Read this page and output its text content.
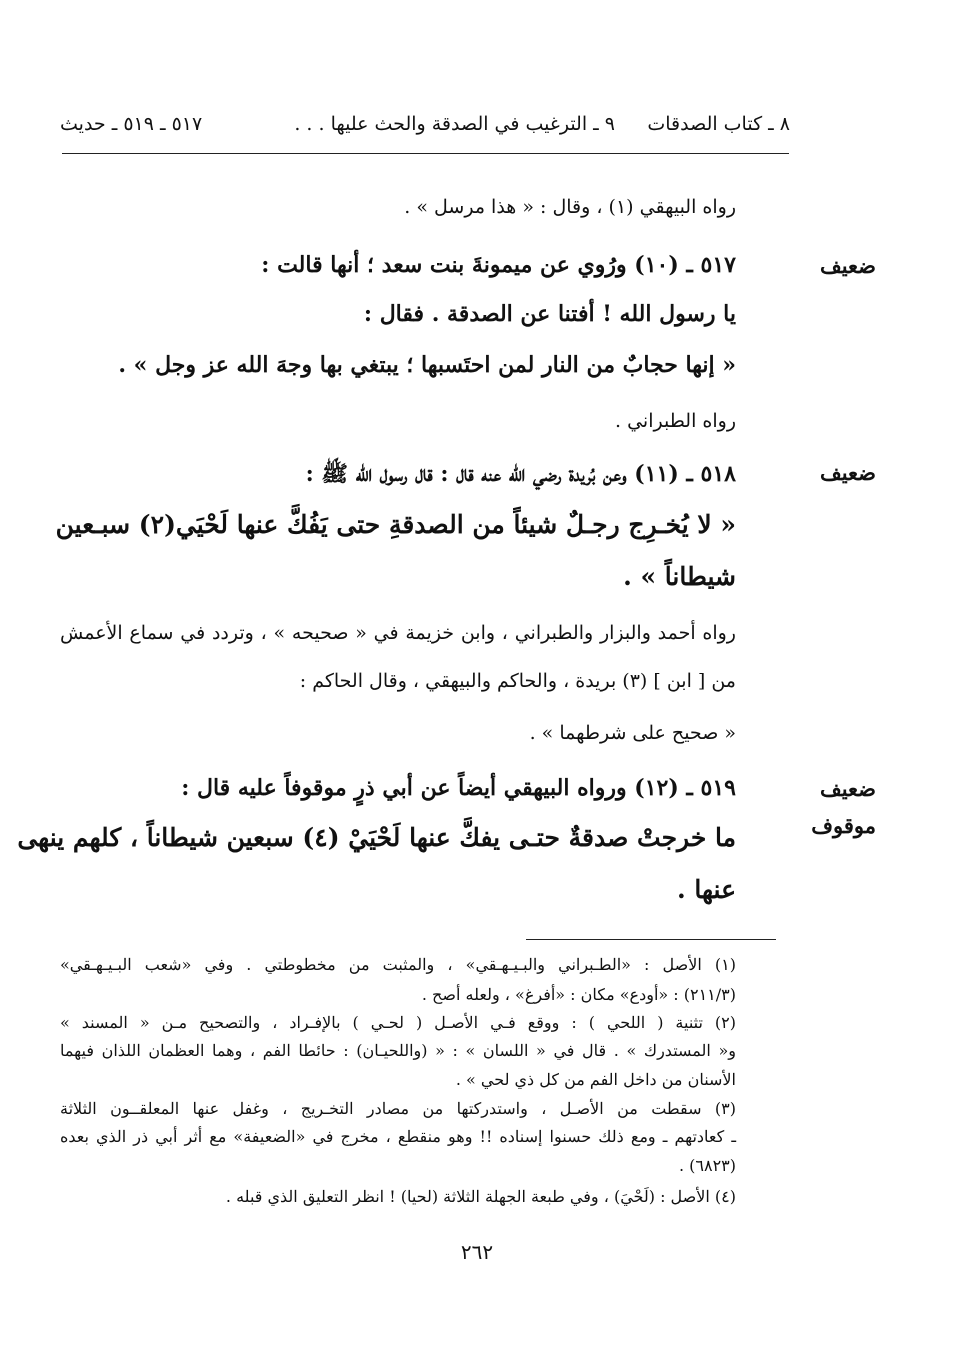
٨ ـ كتاب الصدقات
٩ ـ الترغيب في الصدقة والحث عليها . . .
٥١٧ ـ ٥١٩ ـ حديث
رواه البيهقي (١) ، وقال : « هذا مرسل » .
ضعيف
٥١٧ ـ (١٠) ورُوي عن ميمونةَ بنت سعد ؛ أنها قالت :
يا رسول الله ! أفتنا عن الصدقة . فقال :
« إنها حجابٌ من النار لمن احتَسبها ؛ يبتغي بها وجهَ الله عز وجل » .
رواه الطبراني .
ضعيف
٥١٨ ـ (١١) وعن بُريدة رضي الله عنه قال : قال رسول الله ﷺ :
« لا يُخـرِج رجـلٌ شيئاً من الصدقةِ حتى يَفُكَّ عنها لَحْيَي(٢) سبـعين
شيطاناً » .
رواه أحمد والبزار والطبراني ، وابن خزيمة في « صحيحه » ، وتردد في سماع الأعمش
من [ ابن ] (٣) بريدة ، والحاكم والبيهقي ، وقال الحاكم :
« صحيح على شرطهما » .
ضعيف
موقوف
٥١٩ ـ (١٢) ورواه البيهقي أيضاً عن أبي ذرٍ موقوفاً عليه قال :
ما خرجتْ صدقةٌ حتـى يفكَّ عنها لَحْيَيْ (٤) سبعين شيطاناً ، كلهم ينهى
عنها .
(١) الأصل : «الطـبراني والبـيـهـقي» ، والمثبت من مخطوطتي . وفي «شعب البـيـهـقي»
(٢١١/٣) : «أودع» مكان : «أفرغ» ، ولعله أصح .
(٢) تثنية ( اللحي ) : ووقع فـي الأصـل ( لحـي ) بالإفـراد ، والتصحيح مـن « المسند »
و« المستدرك » . قال في « اللسان » : « (واللحيـان) : حائطا الفم ، وهما العظمان اللذان فيهما
الأسنان من داخل الفم من كل ذي لحي » .
(٣) سقطت من الأصـل ، واستدركتها من مصادر التخـريج ، وغفل عنها المعلقــون الثلاثة
ـ كعادتهم ـ ومع ذلك حسنوا إسناده !! وهو منقطع ، مخرج في «الضعيفة» مع أثر أبي ذر الذي بعده
(٦٨٢٣) .
(٤) الأصل : (لَحْيَ) ، وفي طبعة الجهلة الثلاثة (لحيا) ! انظر التعليق الذي قبله .
٢٦٢
